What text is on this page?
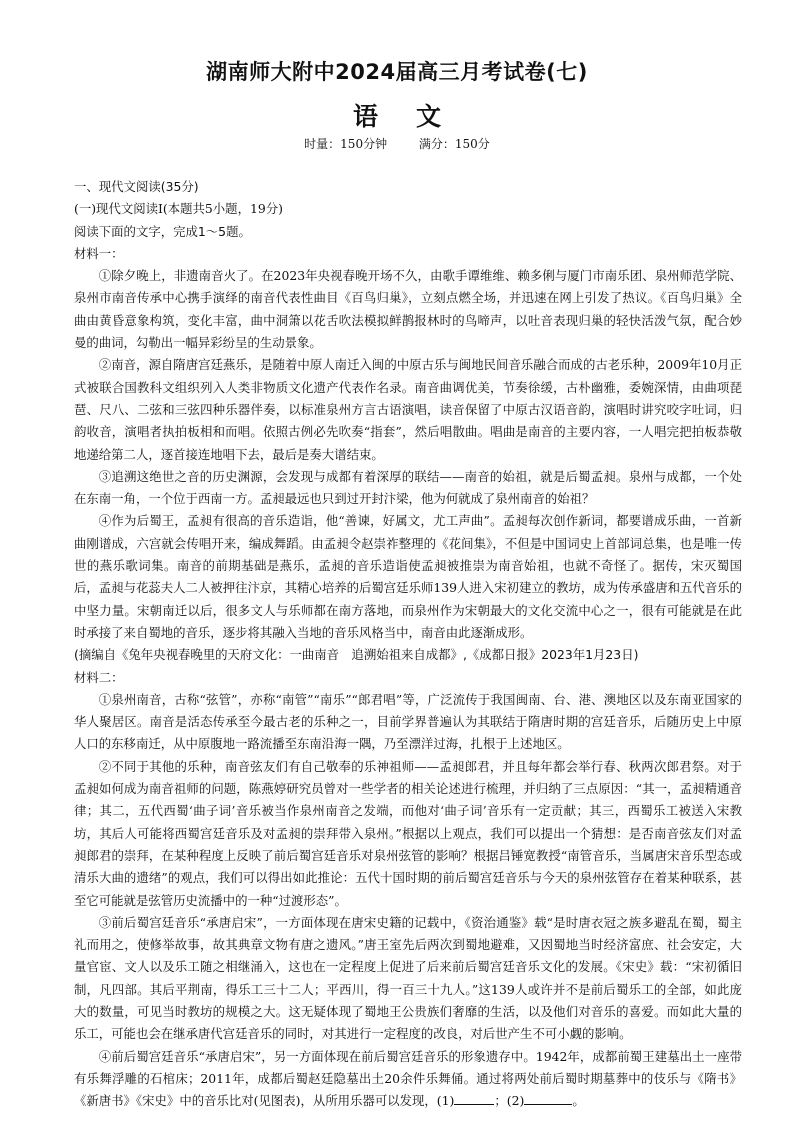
湖南师大附中2024届高三月考试卷(七)
语文
时量：150分钟	满分：150分
一、现代文阅读(35分)
(一)现代文阅读Ⅰ(本题共5小题，19分)
阅读下面的文字，完成1～5题。
材料一：

①除夕晚上，非遗南音火了。在2023年央视春晚开场不久，由歌手谭维维、赖多俐与厦门市南乐团、泉州师范学院、泉州市南音传承中心携手演绎的南音代表性曲目《百鸟归巢》，立刻点燃全场，并迅速在网上引发了热议。《百鸟归巢》全曲由黄昏意象构筑，变化丰富，曲中洞箫以花舌吹法模拟鲜鹊报林时的鸟啼声，以吐音表现归巢的轻快活泼气氛，配合妙曼的曲词，勾勒出一幅异彩纷呈的生动景象。

②南音，源自隋唐宫廷燕乐，是随着中原人南迁入闽的中原古乐与闽地民间音乐融合而成的古老乐种，2009年10月正式被联合国教科文组织列入人类非物质文化遗产代表作名录。南音曲调优美，节奏徐缓，古朴幽雅，委婉深情，由曲项琵琶、尺八、二弦和三弦四种乐器伴奏，以标准泉州方言古语演唱，读音保留了中原古汉语音韵，演唱时讲究咬字吐词，归韵收音，演唱者执拍板相和而唱。依照古例必先吹奏“指套”，然后唱散曲。唱曲是南音的主要内容，一人唱完把拍板恭敬地递给第二人，逐首接连地唱下去，最后是奏大谱结束。

③追溯这绝世之音的历史渊源，会发现与成都有着深厚的联结——南音的始祖，就是后蜀孟昶。泉州与成都，一个处在东南一角，一个位于西南一方。孟昶最远也只到过开封汴梁，他为何就成了泉州南音的始祖？

④作为后蜀王，孟昶有很高的音乐造诣，他“善谏，好属文，尤工声曲”。孟昶每次创作新词，都要谱成乐曲，一首新曲刚谱成，六宫就会传唱开来，编成舞蹈。由孟昶令赵崇祚整理的《花间集》，不但是中国词史上首部词总集，也是唯一传世的燕乐歌词集。南音的前期基础是燕乐，孟昶的音乐造诣使孟昶被推崇为南音始祖，也就不奇怪了。据传，宋灭蜀国后，孟昶与花蕊夫人二人被押往汴京，其精心培养的后蜀宫廷乐师139人进入宋初建立的教坊，成为传承盛唐和五代音乐的中坚力量。宋朝南迁以后，很多文人与乐师都在南方落地，而泉州作为宋朝最大的文化交流中心之一，很有可能就是在此时承接了来自蜀地的音乐，逐步将其融入当地的音乐风格当中，南音由此逐渐成形。

(摘编自《兔年央视春晚里的天府文化：一曲南音　追溯始祖来自成都》,《成都日报》2023年1月23日)
材料二：

①泉州南音，古称“弦管”，亦称“南管”“南乐”“郎君唱”等，广泛流传于我国闽南、台、港、澳地区以及东南亚国家的华人聚居区。南音是活态传承至今最古老的乐种之一，目前学界普遍认为其联结于隋唐时期的宫廷音乐，后随历史上中原人口的东移南迁，从中原腹地一路流播至东南沿海一隅，乃至漂洋过海，扎根于上述地区。

②不同于其他的乐种，南音弦友们有自己敬奉的乐神祖师——孟昶郎君，并且每年都会举行春、秋两次郎君祭。对于孟昶如何成为南音祖师的问题，陈燕婷研究员曾对一些学者的相关论述进行梳理，并归纳了三点原因：“其一，孟昶精通音律；其二，五代西蜀‘曲子词’音乐被当作泉州南音之发端，而他对‘曲子词’音乐有一定贡献；其三，西蜀乐工被送入宋教坊，其后人可能将西蜀宫廷音乐及对孟昶的崇拜带入泉州。”根据以上观点，我们可以提出一个猜想：是否南音弦友们对孟昶郎君的崇拜，在某种程度上反映了前后蜀宫廷音乐对泉州弦管的影响？根据吕锤宽教授“南管音乐，当属唐宋音乐型态或清乐大曲的遗绪”的观点，我们可以得出如此推论：五代十国时期的前后蜀宫廷音乐与今天的泉州弦管存在着某种联系，甚至它可能就是弦管历史流播中的一种“过渡形态”。

③前后蜀宫廷音乐“承唐启宋”，一方面体现在唐宋史籍的记载中，《资治通鉴》载“是时唐衣冠之族多避乱在蜀，蜀主礼而用之，使修举故事，故其典章文物有唐之遗风。”唐王室先后两次到蜀地避难，又因蜀地当时经济富庶、社会安定，大量官宦、文人以及乐工随之相继涌入，这也在一定程度上促进了后来前后蜀宫廷音乐文化的发展。《宋史》载：“宋初循旧制，凡四部。其后平荆南，得乐工三十二人；平西川，得一百三十九人。”这139人或许并不是前后蜀乐工的全部，如此庞大的数量，可见当时教坊的规模之大。这无疑体现了蜀地王公贵族们奢靡的生活，以及他们对音乐的喜爱。而如此大量的乐工，可能也会在继承唐代宫廷音乐的同时，对其进行一定程度的改良，对后世产生不可小觑的影响。

④前后蜀宫廷音乐“承唐启宋”，另一方面体现在前后蜀宫廷音乐的形象遗存中。1942年，成都前蜀王建墓出土一座带有乐舞浮雕的石棺床；2011年，成都后蜀赵廷隐墓出土20余件乐舞俑。通过将两处前后蜀时期墓葬中的伎乐与《隋书》《新唐书》《宋史》中的音乐比对(见图表)，从所用乐器可以发现，(1)	；(2)	。
